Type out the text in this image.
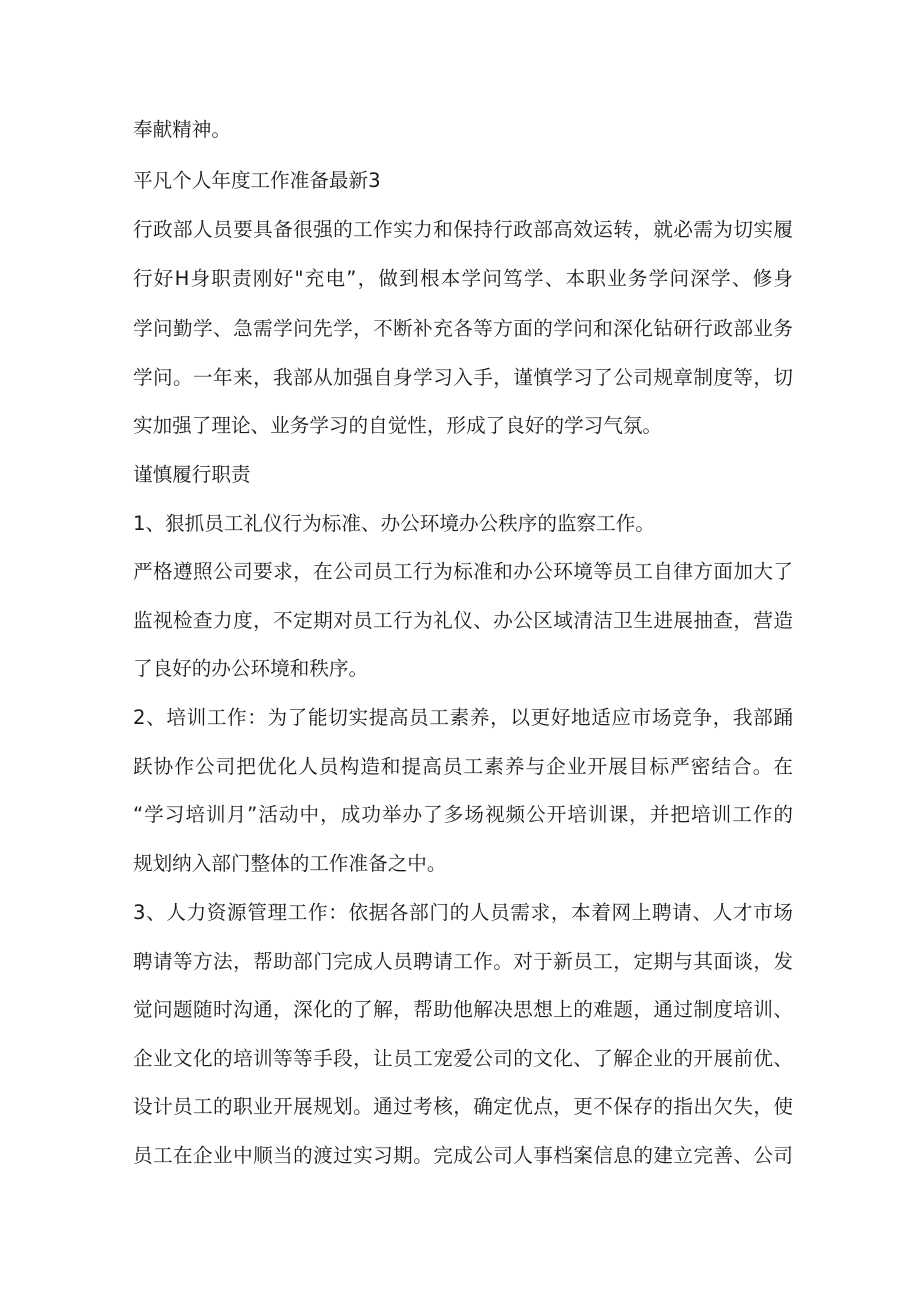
奉献精神。
平凡个人年度工作准备最新3
行政部人员要具备很强的工作实力和保持行政部高效运转，就必需为切实履
行好H身职责刚好"充电”，做到根本学问笃学、本职业务学问深学、修身
学问勤学、急需学问先学，不断补充各等方面的学问和深化钻研行政部业务
学问。一年来，我部从加强自身学习入手，谨慎学习了公司规章制度等，切
实加强了理论、业务学习的自觉性，形成了良好的学习气氛。
谨慎履行职责
1、狠抓员工礼仪行为标准、办公环境办公秩序的监察工作。
严格遵照公司要求，在公司员工行为标准和办公环境等员工自律方面加大了
监视检查力度，不定期对员工行为礼仪、办公区域清洁卫生进展抽查，营造
了良好的办公环境和秩序。
2、培训工作：为了能切实提高员工素养，以更好地适应市场竞争，我部踊
跃协作公司把优化人员构造和提高员工素养与企业开展目标严密结合。在
“学习培训月”活动中，成功举办了多场视频公开培训课，并把培训工作的
规划纳入部门整体的工作准备之中。
3、人力资源管理工作：依据各部门的人员需求，本着网上聘请、人才市场
聘请等方法，帮助部门完成人员聘请工作。对于新员工，定期与其面谈，发
觉问题随时沟通，深化的了解，帮助他解决思想上的难题，通过制度培训、
企业文化的培训等等手段，让员工宠爱公司的文化、了解企业的开展前优、
设计员工的职业开展规划。通过考核，确定优点，更不保存的指出欠失，使
员工在企业中顺当的渡过实习期。完成公司人事档案信息的建立完善、公司
